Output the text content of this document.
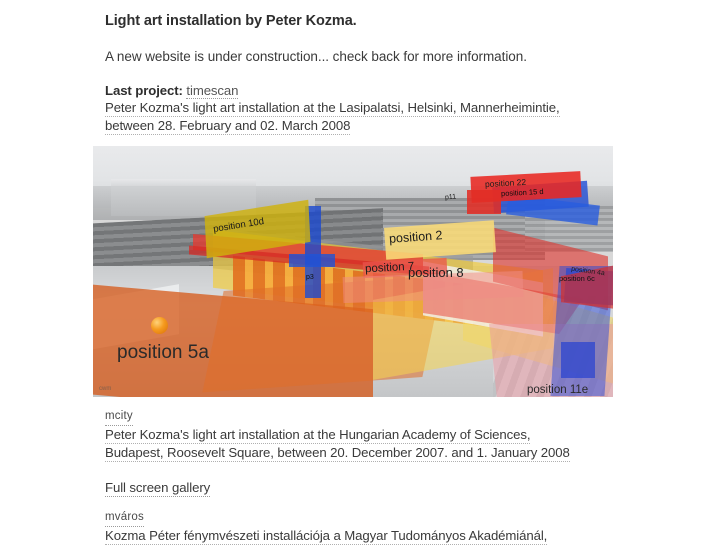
Light art installation by Peter Kozma.
A new website is under construction... check back for more information.
Last project: timescan
Peter Kozma's light art installation at the Lasipalatsi, Helsinki, Mannerheimintie,
between 28. February and 02. March 2008
mcity
Peter Kozma's light art installation at the Hungarian Academy of Sciences,
Budapest, Roosevelt Square, between 20. December 2007. and 1. January 2008
Full screen gallery
mváros
Kozma Péter fénymvészeti installációja a Magyar Tudományos Akadémiánál,
position 10d
position 15 d
position 2
position 22
p11
p3
position 7
position 8	position 6c
position 5a
position 11e
position 4a
cwm
